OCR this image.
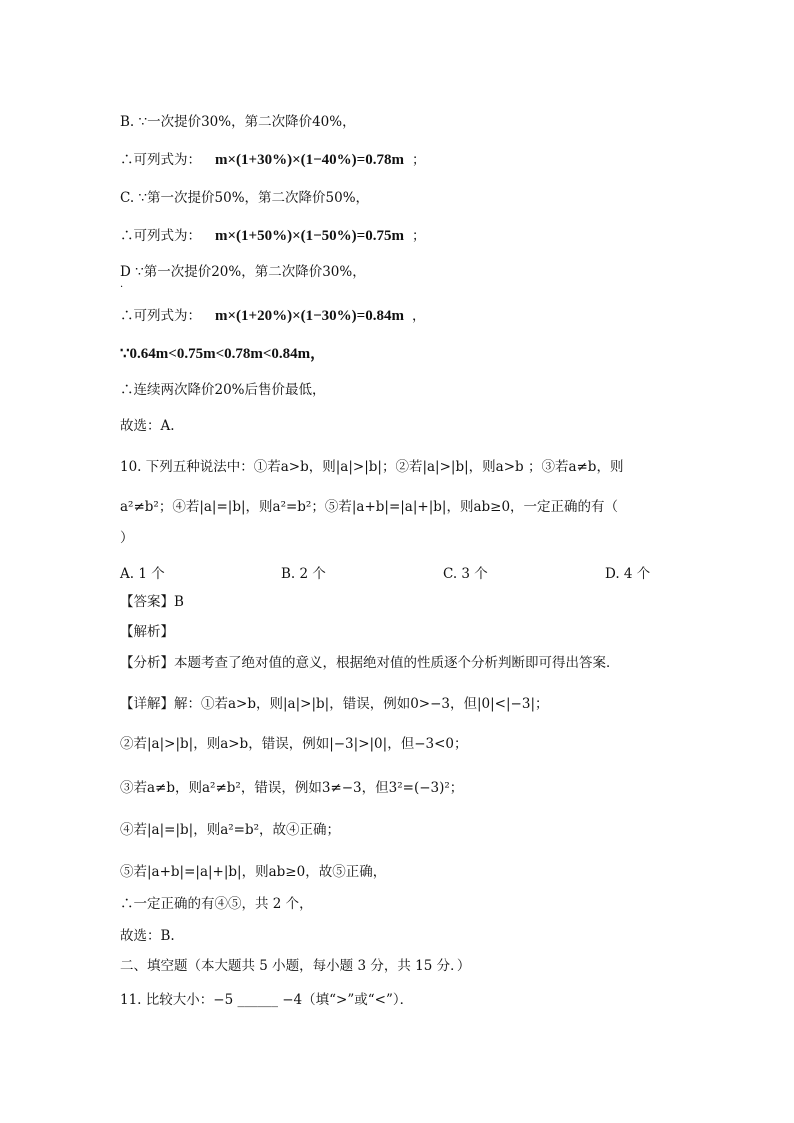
B. ∵一次提价30%，第二次降价40%，
∴可列式为： m×(1+30%)×(1−40%)=0.78m ；
C. ∵第一次提价50%，第二次降价50%，
∴可列式为： m×(1+50%)×(1−50%)=0.75m ；
D ∵第一次提价20%，第二次降价30%，
·
∴可列式为： m×(1+20%)×(1−30%)=0.84m ，
∵0.64m<0.75m<0.78m<0.84m，
∴连续两次降价20%后售价最低，
故选：A.
10. 下列五种说法中：①若a>b，则|a|>|b|；②若|a|>|b|，则a>b ；③若a≠b，则
a²≠b²；④若|a|=|b|，则a²=b²；⑤若|a+b|=|a|+|b|，则ab≥0，一定正确的有（
）
A. 1 个	B. 2 个	C. 3 个	D. 4 个
【答案】B
【解析】
【分析】本题考查了绝对值的意义，根据绝对值的性质逐个分析判断即可得出答案．
【详解】解：①若a>b，则|a|>|b|，错误，例如0>−3，但|0|<|−3|；
②若|a|>|b|，则a>b，错误，例如|−3|>|0|，但−3<0；
③若a≠b，则a²≠b²，错误，例如3≠−3，但3²=(−3)²；
④若|a|=|b|，则a²=b²，故④正确；
⑤若|a+b|=|a|+|b|，则ab≥0，故⑤正确，
∴一定正确的有④⑤，共 2 个，
故选：B.
二、填空题（本大题共 5 小题，每小题 3 分，共 15 分．）
11. 比较大小：−5 ______ −4（填“>”或“<”）．
